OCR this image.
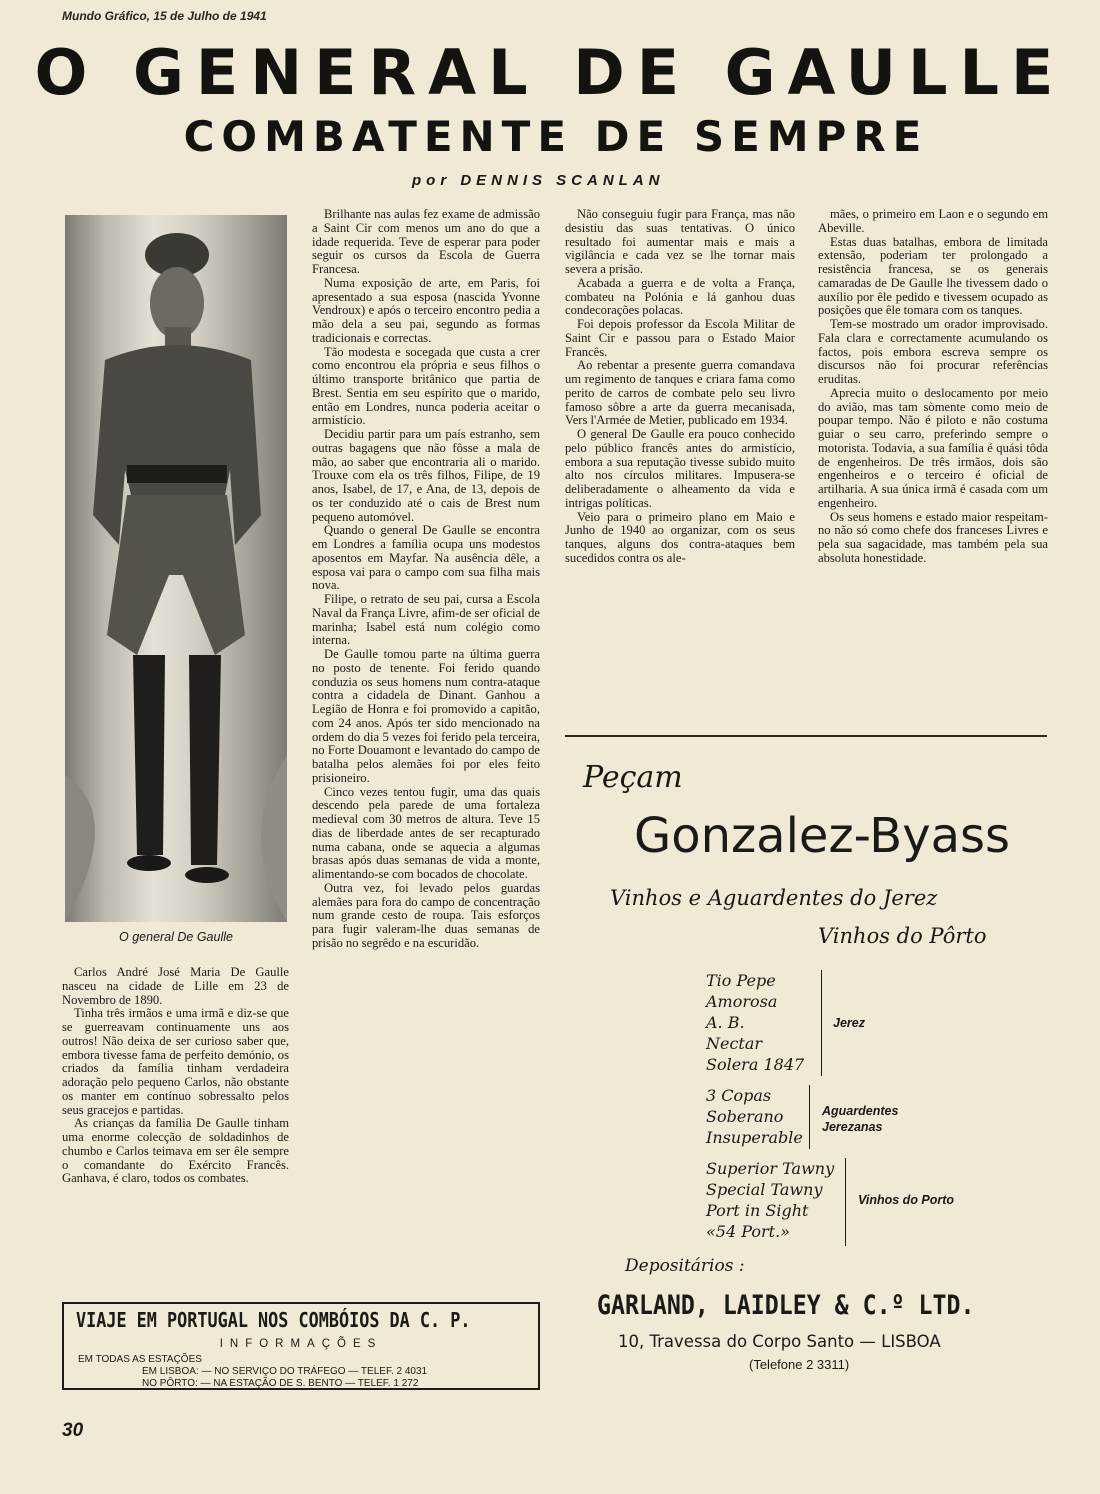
Mundo Gráfico, 15 de Julho de 1941
O GENERAL DE GAULLE
COMBATENTE DE SEMPRE
por DENNIS SCANLAN
O general De Gaulle

Carlos André José Maria De Gaulle nasceu na cidade de Lille em 23 de Novembro de 1890.

Tinha três irmãos e uma irmã e diz-se que se guerreavam continuamente uns aos outros! Não deixa de ser curioso saber que, embora tivesse fama de perfeito demónio, os criados da família tinham verdadeira adoração pelo pequeno Carlos, não obstante os manter em contínuo sobressalto pelos seus gracejos e partidas.

As crianças da família De Gaulle tinham uma enorme colecção de soldadinhos de chumbo e Carlos teimava em ser êle sempre o comandante do Exército Francês. Ganhava, é claro, todos os combates.

Brilhante nas aulas fez exame de admissão a Saint Cir com menos um ano do que a idade requerida. Teve de esperar para poder seguir os cursos da Escola de Guerra Francesa.

Numa exposição de arte, em Paris, foi apresentado a sua esposa (nascida Yvonne Vendroux) e após o terceiro encontro pedia a mão dela a seu pai, segundo as formas tradicionais e correctas.

Tão modesta e socegada que custa a crer como encontrou ela própria e seus filhos o último transporte britânico que partia de Brest. Sentia em seu espírito que o marido, então em Londres, nunca poderia aceitar o armistício.

Decidiu partir para um país estranho, sem outras bagagens que não fôsse a mala de mão, ao saber que encontraria ali o marido. Trouxe com ela os três filhos, Filipe, de 19 anos, Isabel, de 17, e Ana, de 13, depois de os ter conduzido até o cais de Brest num pequeno automóvel.

Quando o general De Gaulle se encontra em Londres a família ocupa uns modestos aposentos em Mayfar. Na ausência dêle, a esposa vai para o campo com sua filha mais nova.

Filipe, o retrato de seu pai, cursa a Escola Naval da França Livre, afim-de ser oficial de marinha; Isabel está num colégio como interna.

De Gaulle tomou parte na última guerra no posto de tenente. Foi ferido quando conduzia os seus homens num contra-ataque contra a cidadela de Dinant. Ganhou a Legião de Honra e foi promovido a capitão, com 24 anos. Após ter sido mencionado na ordem do dia 5 vezes foi ferido pela terceira, no Forte Douamont e levantado do campo de batalha pelos alemães foi por eles feito prisioneiro.

Cinco vezes tentou fugir, uma das quais descendo pela parede de uma fortaleza medieval com 30 metros de altura. Teve 15 dias de liberdade antes de ser recapturado numa cabana, onde se aquecia a algumas brasas após duas semanas de vida a monte, alimentando-se com bocados de chocolate.

Outra vez, foi levado pelos guardas alemães para fora do campo de concentração num grande cesto de roupa. Tais esforços para fugir valeram-lhe duas semanas de prisão no segrêdo e na escuridão.

Não conseguiu fugir para França, mas não desistiu das suas tentativas. O único resultado foi aumentar mais e mais a vigilância e cada vez se lhe tornar mais severa a prisão.

Acabada a guerra e de volta a França, combateu na Polónia e lá ganhou duas condecorações polacas.

Foi depois professor da Escola Militar de Saint Cir e passou para o Estado Maior Francês.

Ao rebentar a presente guerra comandava um regimento de tanques e criara fama como perito de carros de combate pelo seu livro famoso sôbre a arte da guerra mecanisada, Vers l'Armée de Metier, publicado em 1934.

O general De Gaulle era pouco conhecido pelo público francês antes do armistício, embora a sua reputação tivesse subido muito alto nos círculos militares. Impusera-se deliberadamente o alheamento da vida e intrigas políticas.

Veio para o primeiro plano em Maio e Junho de 1940 ao organizar, com os seus tanques, alguns dos contra-ataques bem sucedidos contra os ale-

mães, o primeiro em Laon e o segundo em Abeville.

Estas duas batalhas, embora de limitada extensão, poderiam ter prolongado a resistência francesa, se os generais camaradas de De Gaulle lhe tivessem dado o auxílio por êle pedido e tivessem ocupado as posições que êle tomara com os tanques.

Tem-se mostrado um orador improvisado. Fala clara e correctamente acumulando os factos, pois embora escreva sempre os discursos não foi procurar referências eruditas.

Aprecia muito o deslocamento por meio do avião, mas tam sòmente como meio de poupar tempo. Não é piloto e não costuma guiar o seu carro, preferindo sempre o motorista. Todavia, a sua família é quási tôda de engenheiros. De três irmãos, dois são engenheiros e o terceiro é oficial de artilharia. A sua única irmã é casada com um engenheiro.

Os seus homens e estado maior respeitam-no não só como chefe dos franceses Livres e pela sua sagacidade, mas também pela sua absoluta honestidade.

VIAJE EM PORTUGAL NOS COMBÓIOS DA C. P.
INFORMAÇÕES
EM TODAS AS ESTAÇÕES
EM LISBOA: — NO SERVIÇO DO TRÁFEGO — TELEF. 2 4031
NO PÔRTO: — NA ESTAÇÃO DE S. BENTO — TELEF. 1 272
Peçam
Gonzalez-Byass
Vinhos e Aguardentes do Jerez
Vinhos do Pôrto
Tio Pepe
Amorosa
A. B.
Nectar
Solera 1847
Jerez
3 Copas
Soberano
Insuperable
Aguardentes
Jerezanas
Superior Tawny
Special Tawny
Port in Sight
«54 Port.»
Vinhos do Porto
Depositários :
GARLAND, LAIDLEY & C.º LTD.
10, Travessa do Corpo Santo — LISBOA
(Telefone 2 3311)
30
